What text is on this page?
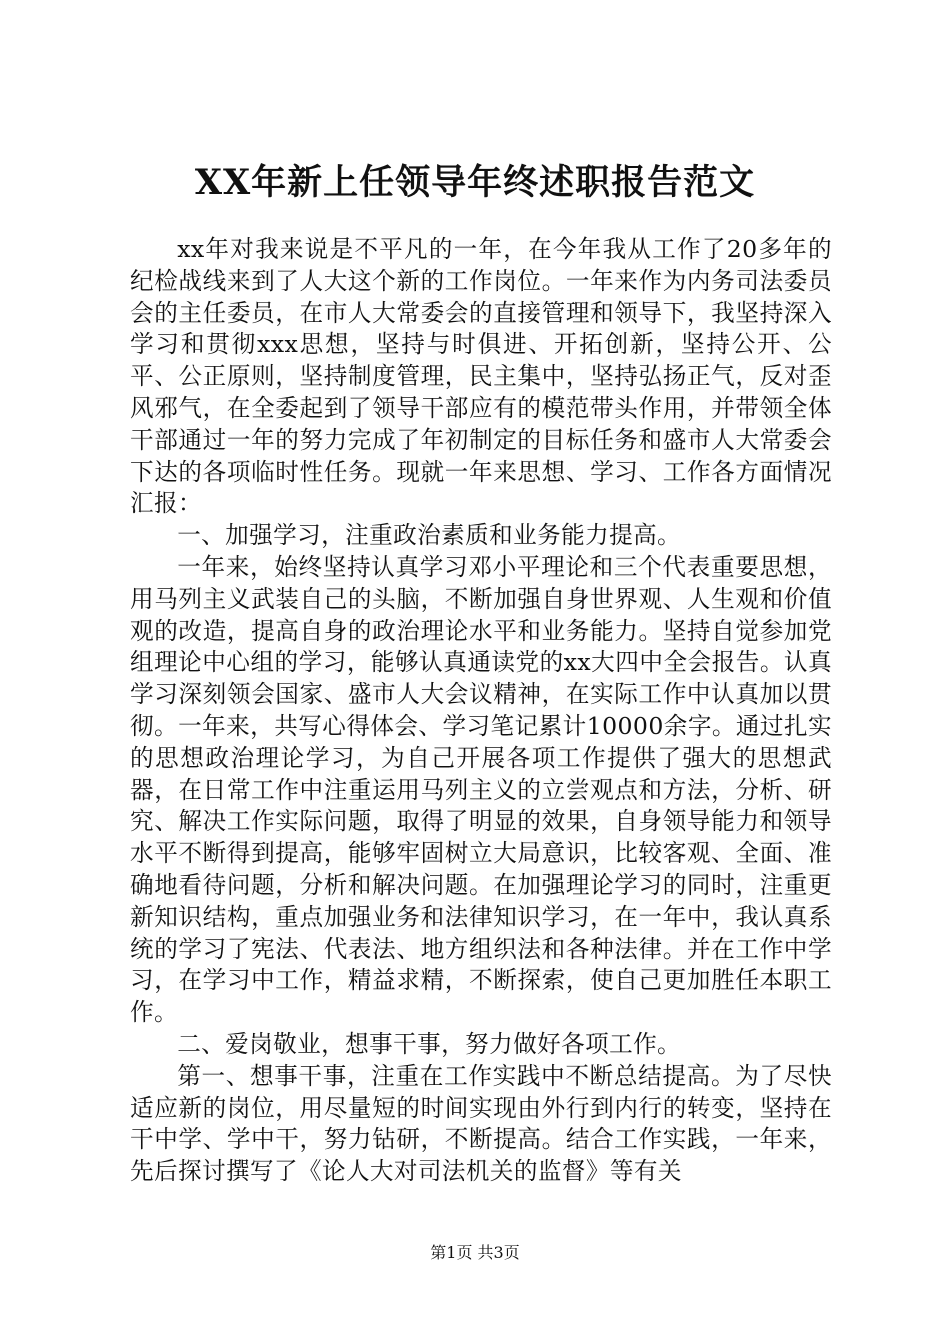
XX年新上任领导年终述职报告范文

xx年对我来说是不平凡的一年，在今年我从工作了20多年的纪检战线来到了人大这个新的工作岗位。一年来作为内务司法委员会的主任委员，在市人大常委会的直接管理和领导下，我坚持深入学习和贯彻xxx思想，坚持与时俱进、开拓创新，坚持公开、公平、公正原则，坚持制度管理，民主集中，坚持弘扬正气，反对歪风邪气，在全委起到了领导干部应有的模范带头作用，并带领全体干部通过一年的努力完成了年初制定的目标任务和盛市人大常委会下达的各项临时性任务。现就一年来思想、学习、工作各方面情况汇报：

一、加强学习，注重政治素质和业务能力提高。

一年来，始终坚持认真学习邓小平理论和三个代表重要思想，用马列主义武装自己的头脑，不断加强自身世界观、人生观和价值观的改造，提高自身的政治理论水平和业务能力。坚持自觉参加党组理论中心组的学习，能够认真通读党的xx大四中全会报告。认真学习深刻领会国家、盛市人大会议精神，在实际工作中认真加以贯彻。一年来，共写心得体会、学习笔记累计10000余字。通过扎实的思想政治理论学习，为自己开展各项工作提供了强大的思想武器，在日常工作中注重运用马列主义的立尝观点和方法，分析、研究、解决工作实际问题，取得了明显的效果，自身领导能力和领导水平不断得到提高，能够牢固树立大局意识，比较客观、全面、准确地看待问题，分析和解决问题。在加强理论学习的同时，注重更新知识结构，重点加强业务和法律知识学习，在一年中，我认真系统的学习了宪法、代表法、地方组织法和各种法律。并在工作中学习，在学习中工作，精益求精，不断探索，使自己更加胜任本职工作。

二、爱岗敬业，想事干事，努力做好各项工作。

第一、想事干事，注重在工作实践中不断总结提高。为了尽快适应新的岗位，用尽量短的时间实现由外行到内行的转变，坚持在干中学、学中干，努力钻研，不断提高。结合工作实践，一年来，先后探讨撰写了《论人大对司法机关的监督》等有关

第1页 共3页
